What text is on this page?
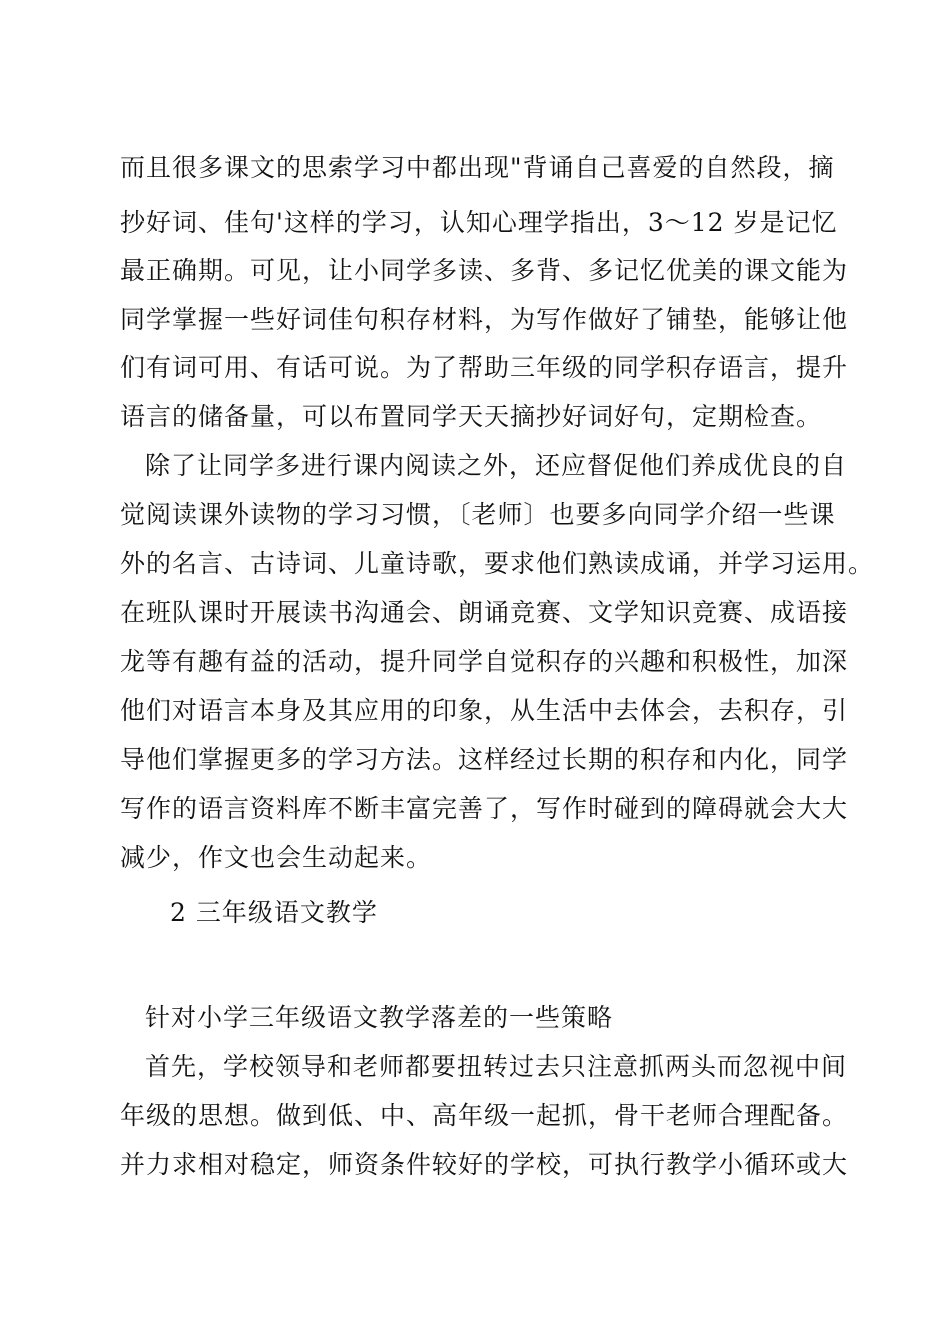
而且很多课文的思索学习中都出现"背诵自己喜爱的自然段，摘
抄好词、佳句'这样的学习，认知心理学指出，3～12 岁是记忆
最正确期。可见，让小同学多读、多背、多记忆优美的课文能为
同学掌握一些好词佳句积存材料，为写作做好了铺垫，能够让他
们有词可用、有话可说。为了帮助三年级的同学积存语言，提升
语言的储备量，可以布置同学天天摘抄好词好句，定期检查。
除了让同学多进行课内阅读之外，还应督促他们养成优良的自
觉阅读课外读物的学习习惯，〔老师〕也要多向同学介绍一些课
外的名言、古诗词、儿童诗歌，要求他们熟读成诵，并学习运用。
在班队课时开展读书沟通会、朗诵竞赛、文学知识竞赛、成语接
龙等有趣有益的活动，提升同学自觉积存的兴趣和积极性，加深
他们对语言本身及其应用的印象，从生活中去体会，去积存，引
导他们掌握更多的学习方法。这样经过长期的积存和内化，同学
写作的语言资料库不断丰富完善了，写作时碰到的障碍就会大大
减少，作文也会生动起来。
2 三年级语文教学
针对小学三年级语文教学落差的一些策略
首先，学校领导和老师都要扭转过去只注意抓两头而忽视中间
年级的思想。做到低、中、高年级一起抓，骨干老师合理配备。
并力求相对稳定，师资条件较好的学校，可执行教学小循环或大
